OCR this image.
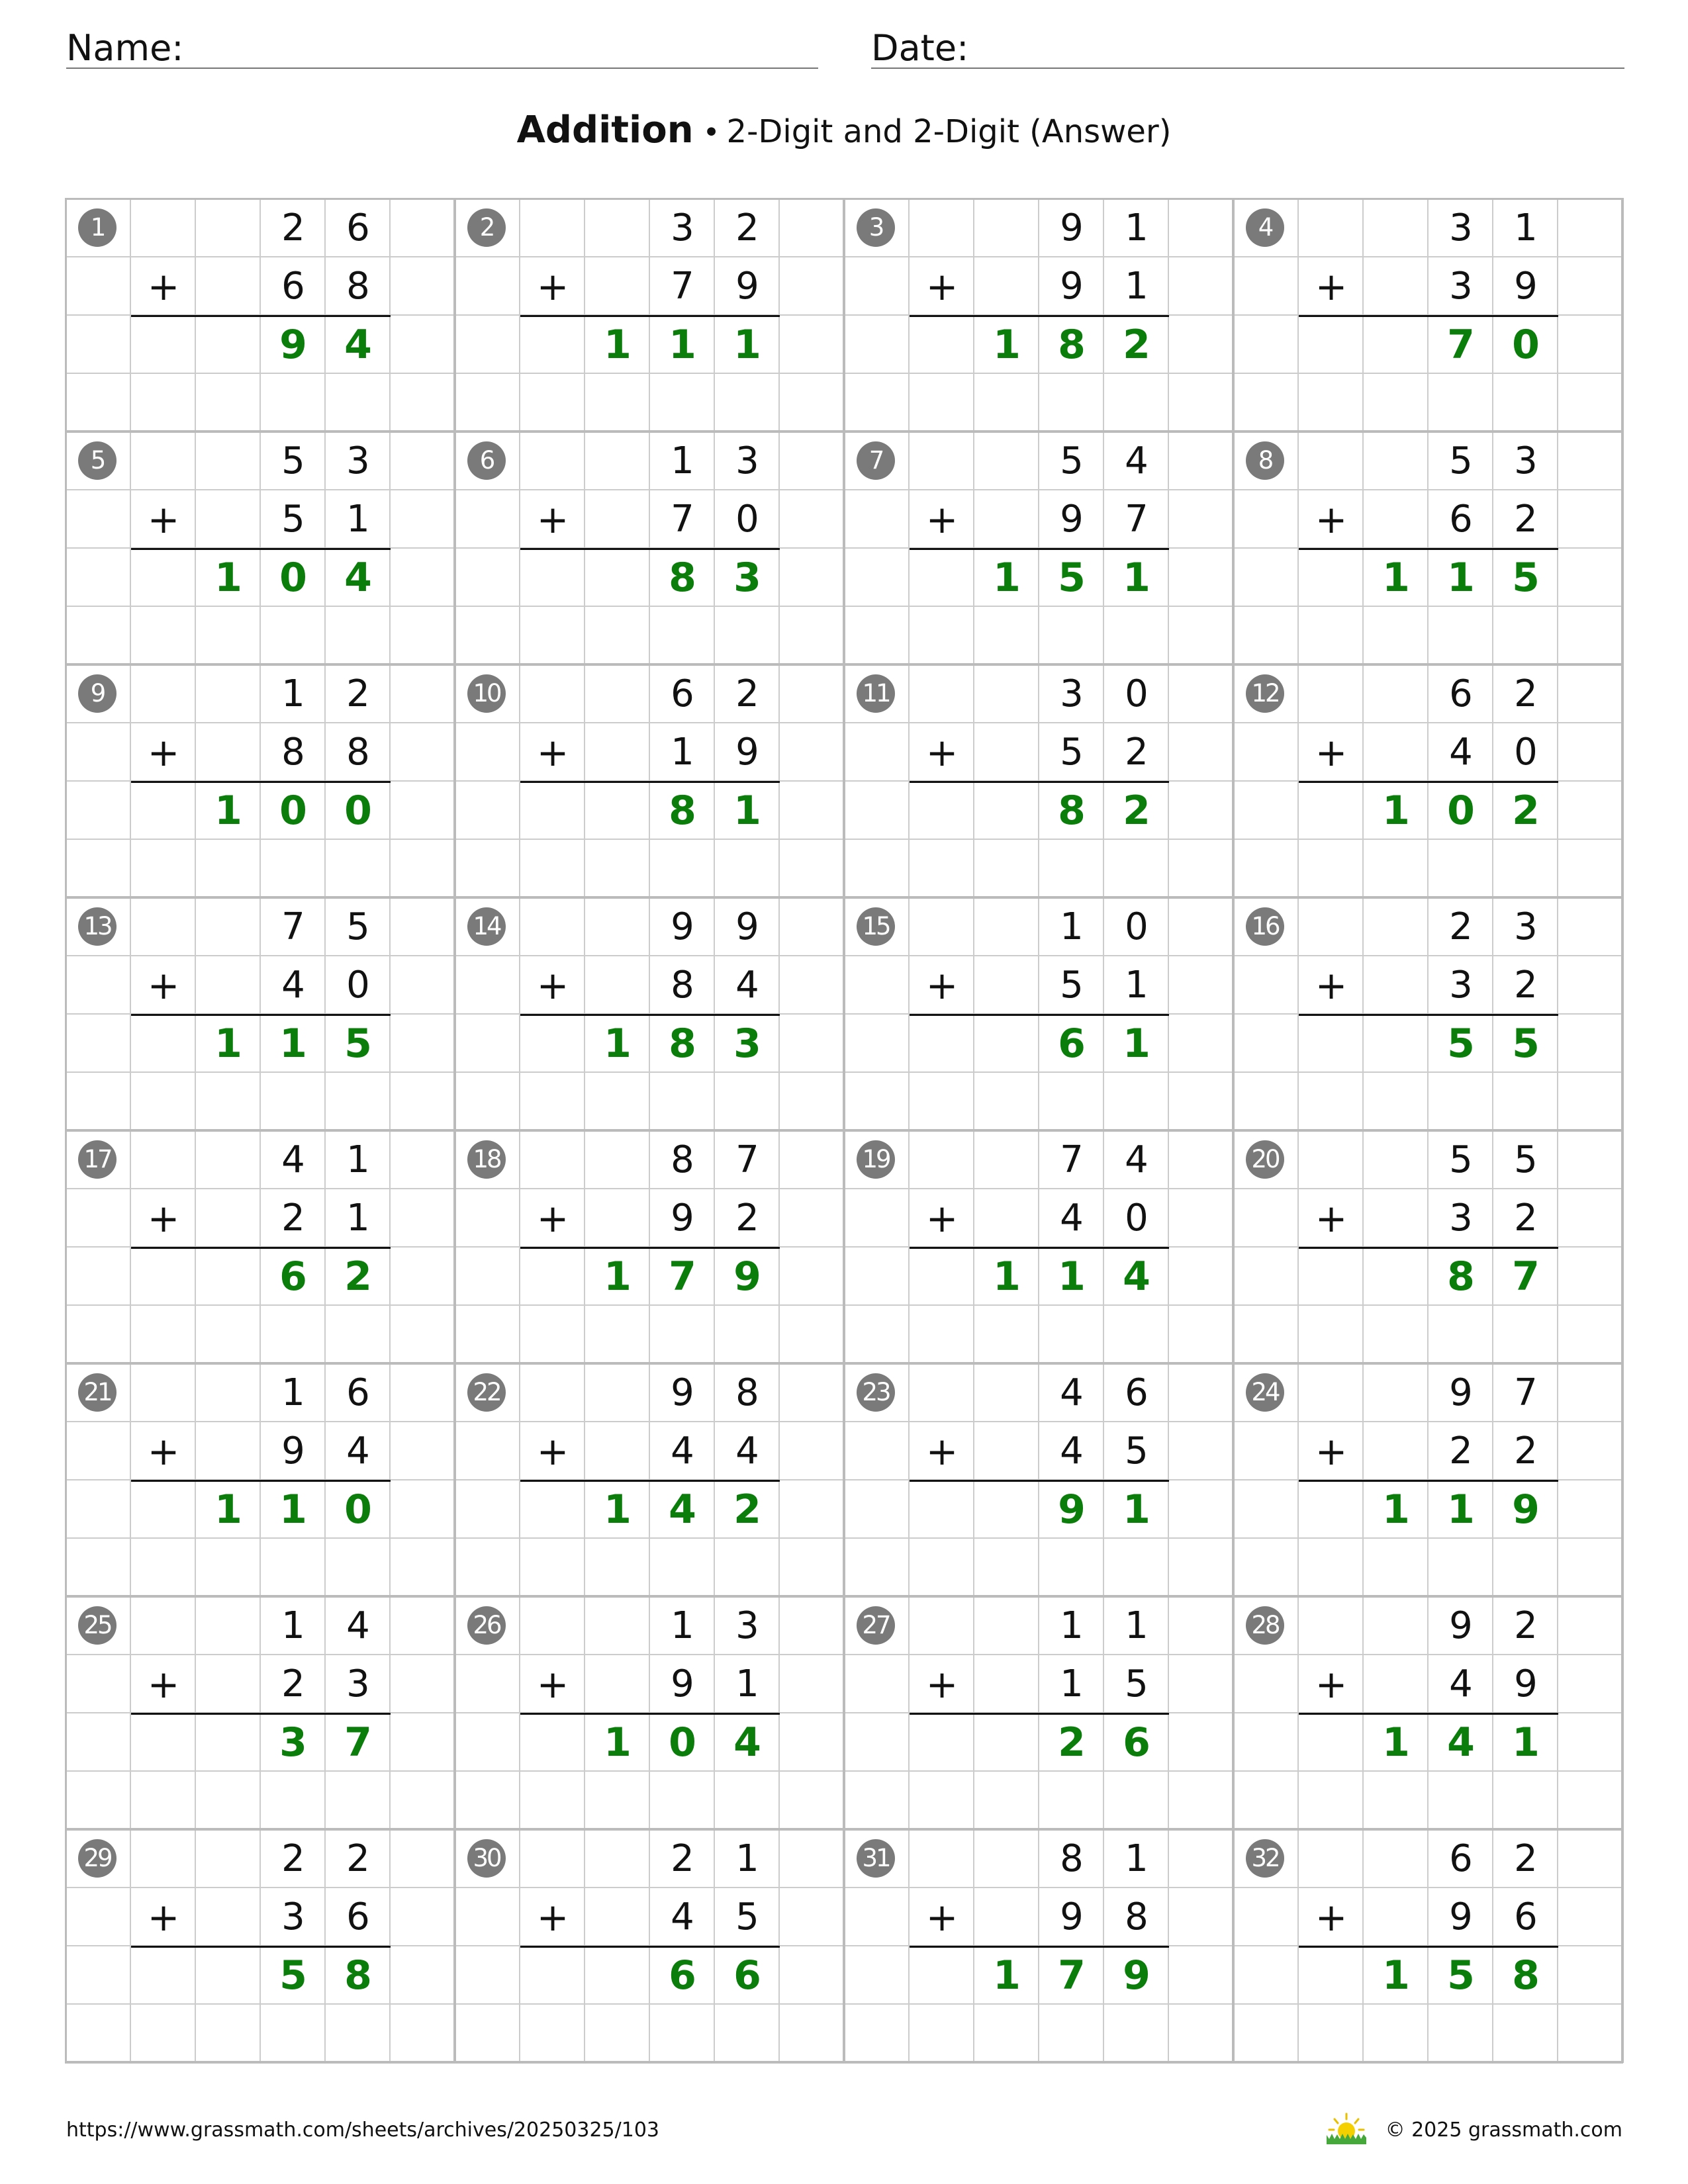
Name:	Date:
Addition • 2-Digit and 2-Digit (Answer)
1	2	6
+	6	8
9 4
2	3	2
+	7	9
1 1 1
3	9	1
+	9	1
1 8 2
4	3	1
+	3	9
7 0
5	5	3
+	5	1
1 0 4
6	1	3
+	7	0
8 3
7	5	4
+	9	7
1 5 1
8	5	3
+	6	2
1 1 5
9	1	2
+	8	8
1 0 0
10	6	2
+	1	9
8 1
11	3	0
+	5	2
8 2
12	6	2
+	4	0
1 0 2
13	7	5
+	4	0
1 1 5
14	9	9
+	8	4
1 8 3
15	1	0
+	5	1
6 1
16	2	3
+	3	2
5 5
17	4	1
+	2	1
6 2
18	8	7
+	9	2
1 7 9
19	7	4
+	4	0
1 1 4
20	5	5
+	3	2
8 7
21	1	6
+	9	4
1 1 0
22	9	8
+	4	4
1 4 2
23	4	6
+	4	5
9 1
24	9	7
+	2	2
1 1 9
25	1	4
+	2	3
3 7
26	1	3
+	9	1
1 0 4
27	1	1
+	1	5
2 6
28	9	2
+	4	9
1 4 1
29	2	2
+	3	6
5 8
30	2	1
+	4	5
6 6
31	8	1
+	9	8
1 7 9
32	6	2
+	9	6
1 5 8
https://www.grassmath.com/sheets/archives/20250325/103	© 2025 grassmath.com
